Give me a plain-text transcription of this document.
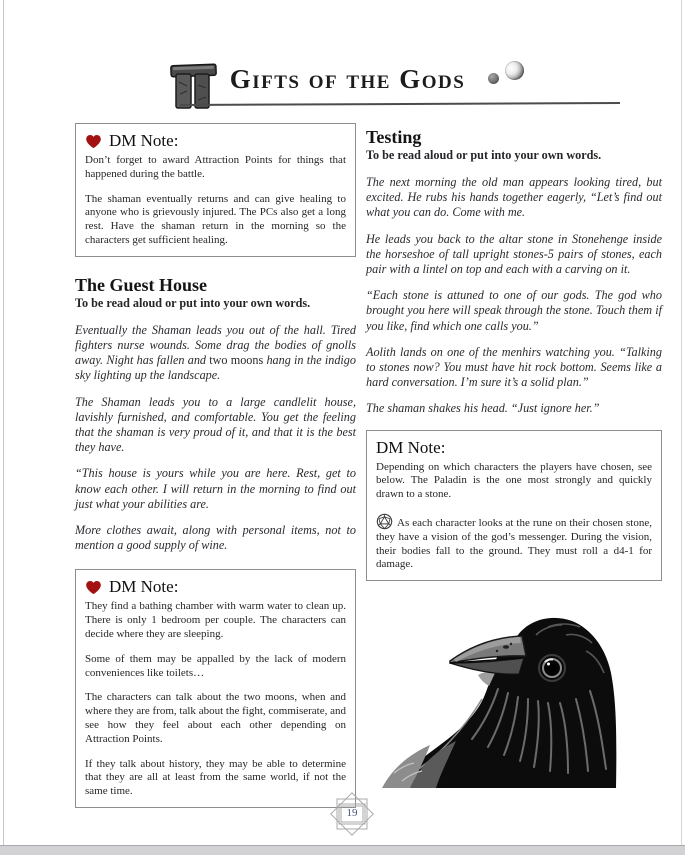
Gifts of the Gods
DM Note:

Don’t forget to award Attraction Points for things that happened during the battle.

The shaman eventually returns and can give healing to anyone who is grievously injured. The PCs also get a long rest. Have the shaman return in the morning so the characters get sufficient healing.

The Guest House

To be read aloud or put into your own words.

Eventually the Shaman leads you out of the hall. Tired fighters nurse wounds. Some drag the bodies of gnolls away. Night has fallen and two moons hang in the indigo sky lighting up the landscape.

The Shaman leads you to a large candlelit house, lavishly furnished, and comfortable. You get the feeling that the shaman is very proud of it, and that it is the best they have.

“This house is yours while you are here. Rest, get to know each other. I will return in the morning to find out just what your abilities are.

More clothes await, along with personal items, not to mention a good supply of wine.

DM Note:

They find a bathing chamber with warm water to clean up. There is only 1 bedroom per couple. The characters can decide where they are sleeping.

Some of them may be appalled by the lack of modern conveniences like toilets…

The characters can talk about the two moons, when and where they are from, talk about the fight, commiserate, and see how they feel about each other depending on Attraction Points.

If they talk about history, they may be able to determine that they are all at least from the same world, if not the same time.

Testing

To be read aloud or put into your own words.

The next morning the old man appears looking tired, but excited. He rubs his hands together eagerly, “Let’s find out what you can do. Come with me.

He leads you back to the altar stone in Stonehenge inside the horseshoe of tall upright stones-5 pairs of stones, each pair with a lintel on top and each with a carving on it.

“Each stone is attuned to one of our gods. The god who brought you here will speak through the stone. Touch them if you like, find which one calls you.”

Aolith lands on one of the menhirs watching you. “Talking to stones now? You must have hit rock bottom. Seems like a hard conversation. I’m sure it’s a solid plan.”

The shaman shakes his head. “Just ignore her.”

DM Note:

Depending on which characters the players have chosen, see below. The Paladin is the one most strongly and quickly drawn to a stone.

As each character looks at the rune on their chosen stone, they have a vision of the god’s messenger. During the vision, their bodies fall to the ground. They must roll a d4-1 for damage.

19
